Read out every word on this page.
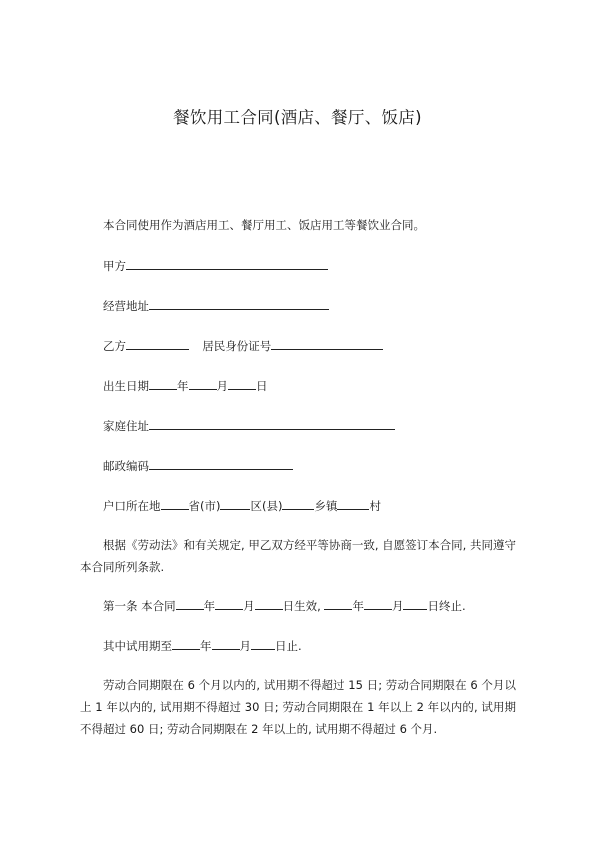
餐饮用工合同(酒店、餐厅、饭店)
本合同使用作为酒店用工、餐厅用工、饭店用工等餐饮业合同。
甲方
经营地址
乙方	居民身份证号
出生日期 年 月 日
家庭住址
邮政编码
户口所在地 省(市)	区(县)	乡镇	村
根据《劳动法》和有关规定, 甲乙双方经平等协商一致, 自愿签订本合同, 共同遵守本合同所列条款.
第一条 本合同 年 月 日生效,	年 月 日终止.
其中试用期至 年 月 日止.
劳动合同期限在 6 个月以内的, 试用期不得超过 15 日; 劳动合同期限在 6 个月以上 1 年以内的, 试用期不得超过 30 日; 劳动合同期限在 1 年以上 2 年以内的, 试用期不得超过 60 日; 劳动合同期限在 2 年以上的, 试用期不得超过 6 个月.
